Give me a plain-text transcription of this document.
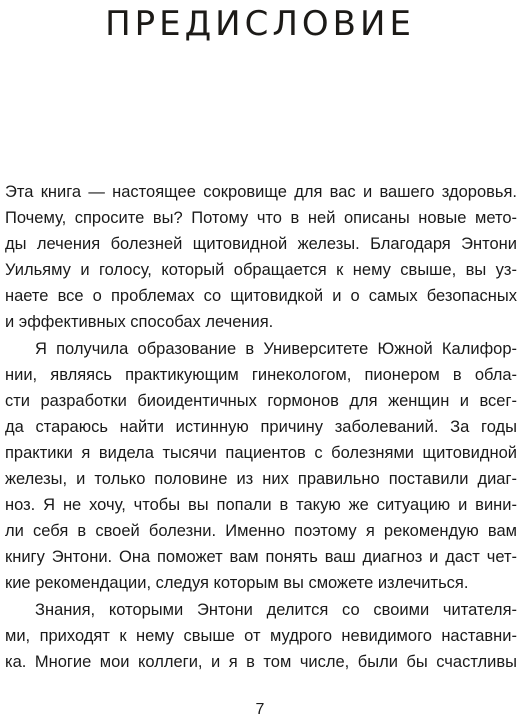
ПРЕДИСЛОВИЕ
Эта книга — настоящее сокровище для вас и вашего здоровья.
Почему, спросите вы? Потому что в ней описаны новые мето-
ды лечения болезней щитовидной железы. Благодаря Энтони
Уильяму и голосу, который обращается к нему свыше, вы уз-
наете все о проблемах со щитовидкой и о самых безопасных
и эффективных способах лечения.
Я получила образование в Университете Южной Калифор-
нии, являясь практикующим гинекологом, пионером в обла-
сти разработки биоидентичных гормонов для женщин и всег-
да стараюсь найти истинную причину заболеваний. За годы
практики я видела тысячи пациентов с болезнями щитовидной
железы, и только половине из них правильно поставили диаг-
ноз. Я не хочу, чтобы вы попали в такую же ситуацию и вини-
ли себя в своей болезни. Именно поэтому я рекомендую вам
книгу Энтони. Она поможет вам понять ваш диагноз и даст чет-
кие рекомендации, следуя которым вы сможете излечиться.
Знания, которыми Энтони делится со своими читателя-
ми, приходят к нему свыше от мудрого невидимого наставни-
ка. Многие мои коллеги, и я в том числе, были бы счастливы
7
